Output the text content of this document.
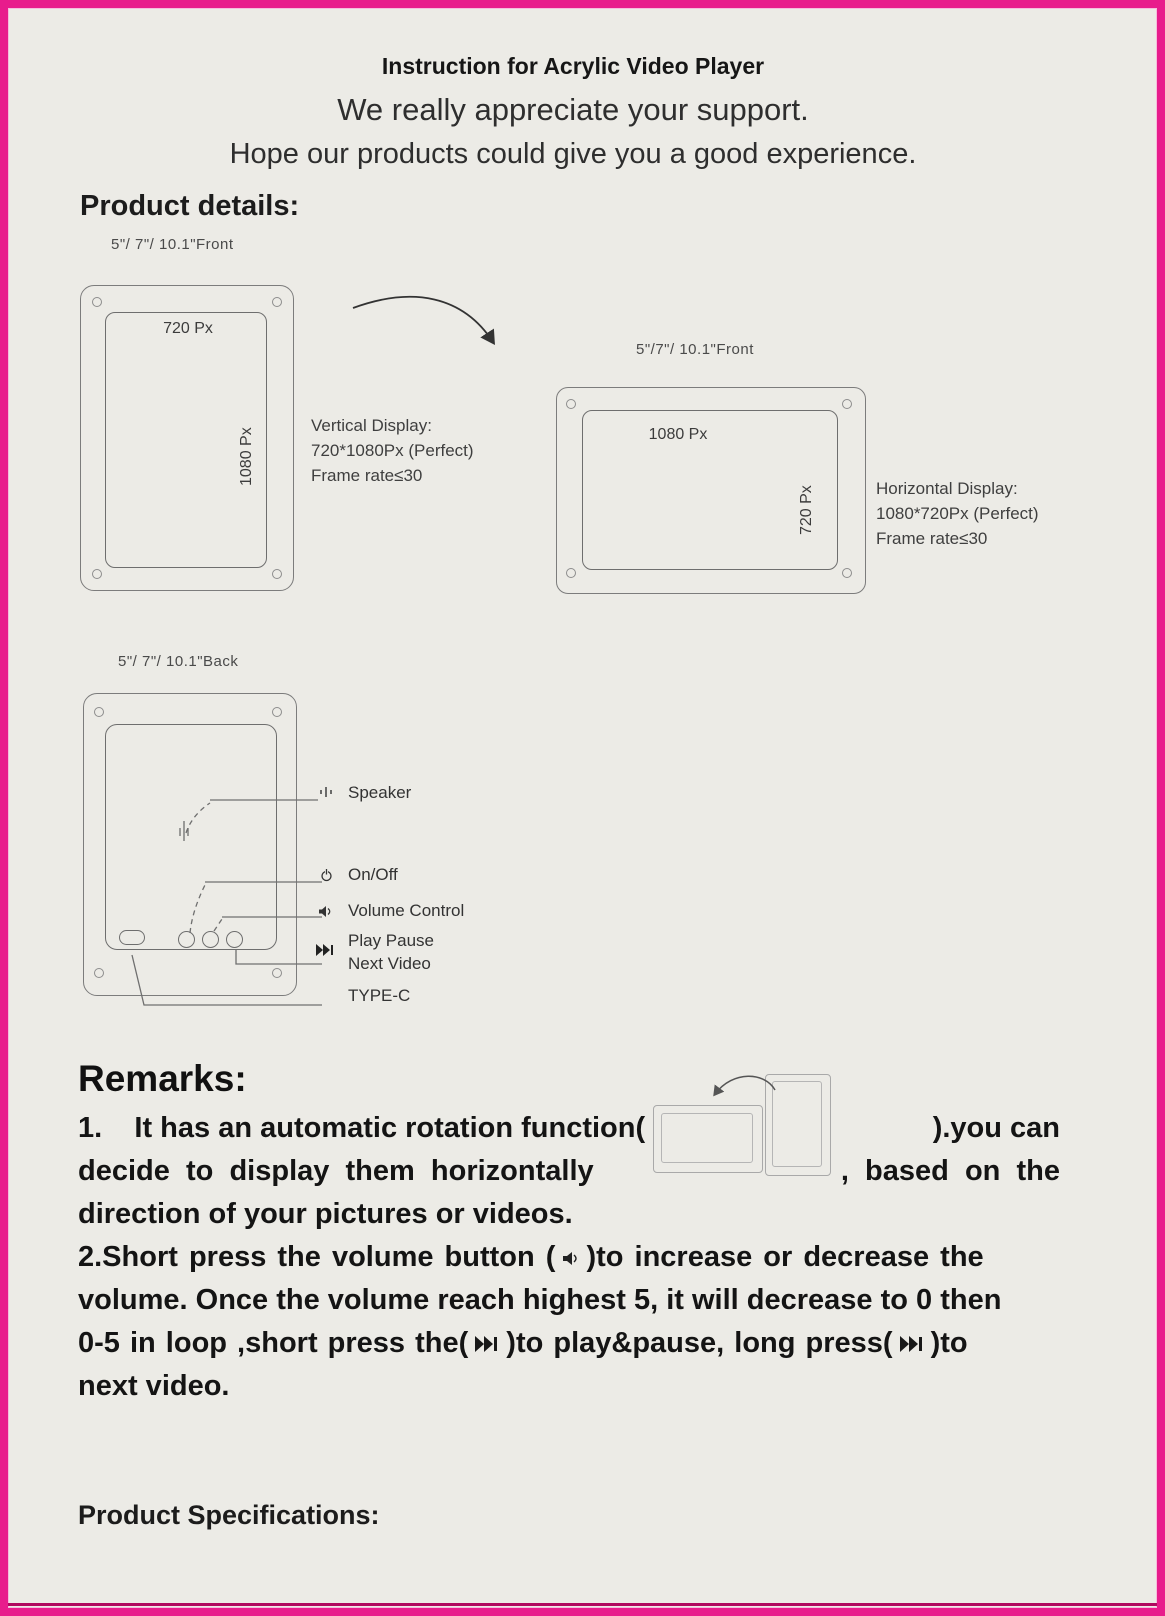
Instruction for Acrylic Video Player
We really appreciate your support.
Hope our products could give you a good experience.
Product details:
5"/ 7"/ 10.1"Front
720 Px
1080 Px
Vertical Display:
720*1080Px (Perfect)
Frame rate≤30
5"/7"/ 10.1"Front
1080 Px
720 Px	Horizontal Display:
1080*720Px (Perfect)
Frame rate≤30
5"/ 7"/ 10.1"Back
Speaker
On/Off
Volume Control
Play Pause
Next Video
TYPE-C
Remarks:
1.    It has an automatic rotation function(	).you can
decide  to  display  them  horizontally	,  based  on  the
direction of your pictures or videos.
2.Short press the volume button ( )to increase or decrease the
volume. Once the volume reach highest 5, it will decrease to 0 then
0-5 in loop ,short press the( )to play&pause, long press( )to
next video.
Product Specifications:
